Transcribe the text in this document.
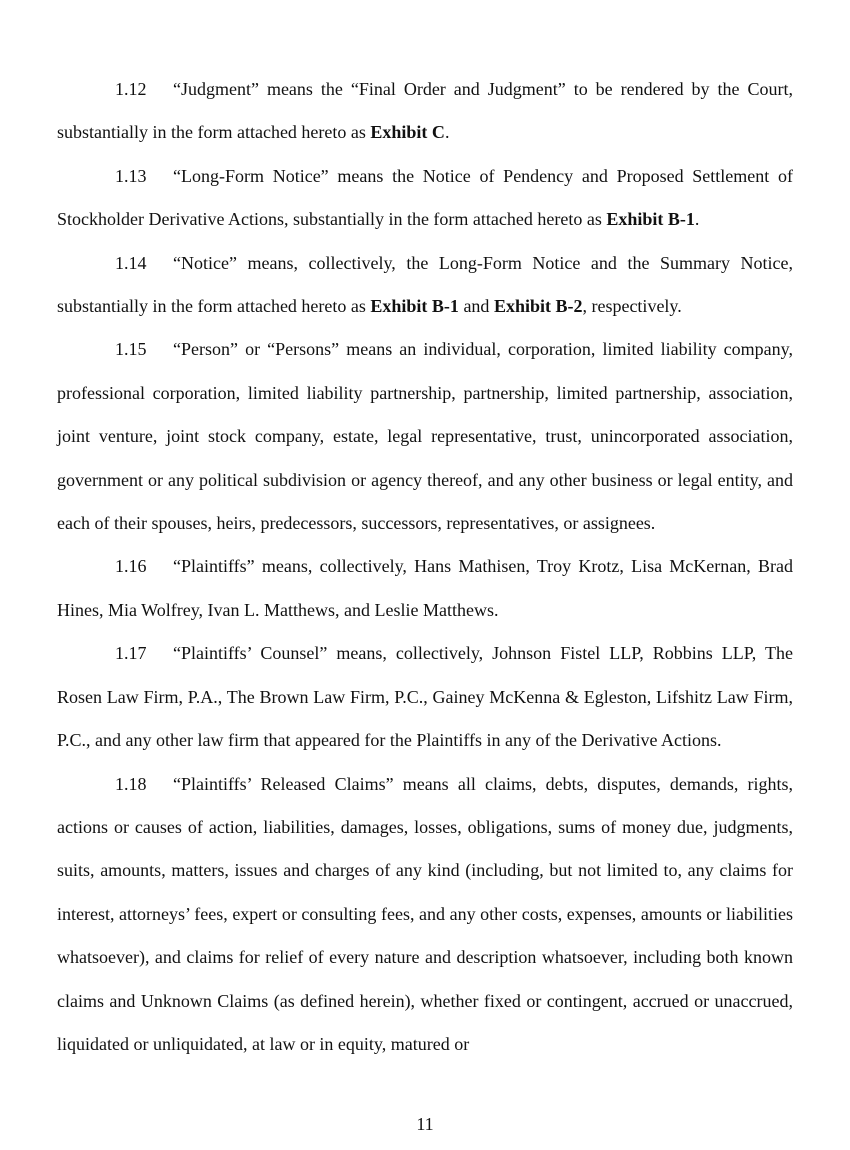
1.12 “Judgment” means the “Final Order and Judgment” to be rendered by the Court, substantially in the form attached hereto as Exhibit C.

1.13 “Long-Form Notice” means the Notice of Pendency and Proposed Settlement of Stockholder Derivative Actions, substantially in the form attached hereto as Exhibit B-1.

1.14 “Notice” means, collectively, the Long-Form Notice and the Summary Notice, substantially in the form attached hereto as Exhibit B-1 and Exhibit B-2, respectively.

1.15 “Person” or “Persons” means an individual, corporation, limited liability company, professional corporation, limited liability partnership, partnership, limited partnership, association, joint venture, joint stock company, estate, legal representative, trust, unincorporated association, government or any political subdivision or agency thereof, and any other business or legal entity, and each of their spouses, heirs, predecessors, successors, representatives, or assignees.

1.16 “Plaintiffs” means, collectively, Hans Mathisen, Troy Krotz, Lisa McKernan, Brad Hines, Mia Wolfrey, Ivan L. Matthews, and Leslie Matthews.

1.17 “Plaintiffs’ Counsel” means, collectively, Johnson Fistel LLP, Robbins LLP, The Rosen Law Firm, P.A., The Brown Law Firm, P.C., Gainey McKenna & Egleston, Lifshitz Law Firm, P.C., and any other law firm that appeared for the Plaintiffs in any of the Derivative Actions.

1.18 “Plaintiffs’ Released Claims” means all claims, debts, disputes, demands, rights, actions or causes of action, liabilities, damages, losses, obligations, sums of money due, judgments, suits, amounts, matters, issues and charges of any kind (including, but not limited to, any claims for interest, attorneys’ fees, expert or consulting fees, and any other costs, expenses, amounts or liabilities whatsoever), and claims for relief of every nature and description whatsoever, including both known claims and Unknown Claims (as defined herein), whether fixed or contingent, accrued or unaccrued, liquidated or unliquidated, at law or in equity, matured or

11
